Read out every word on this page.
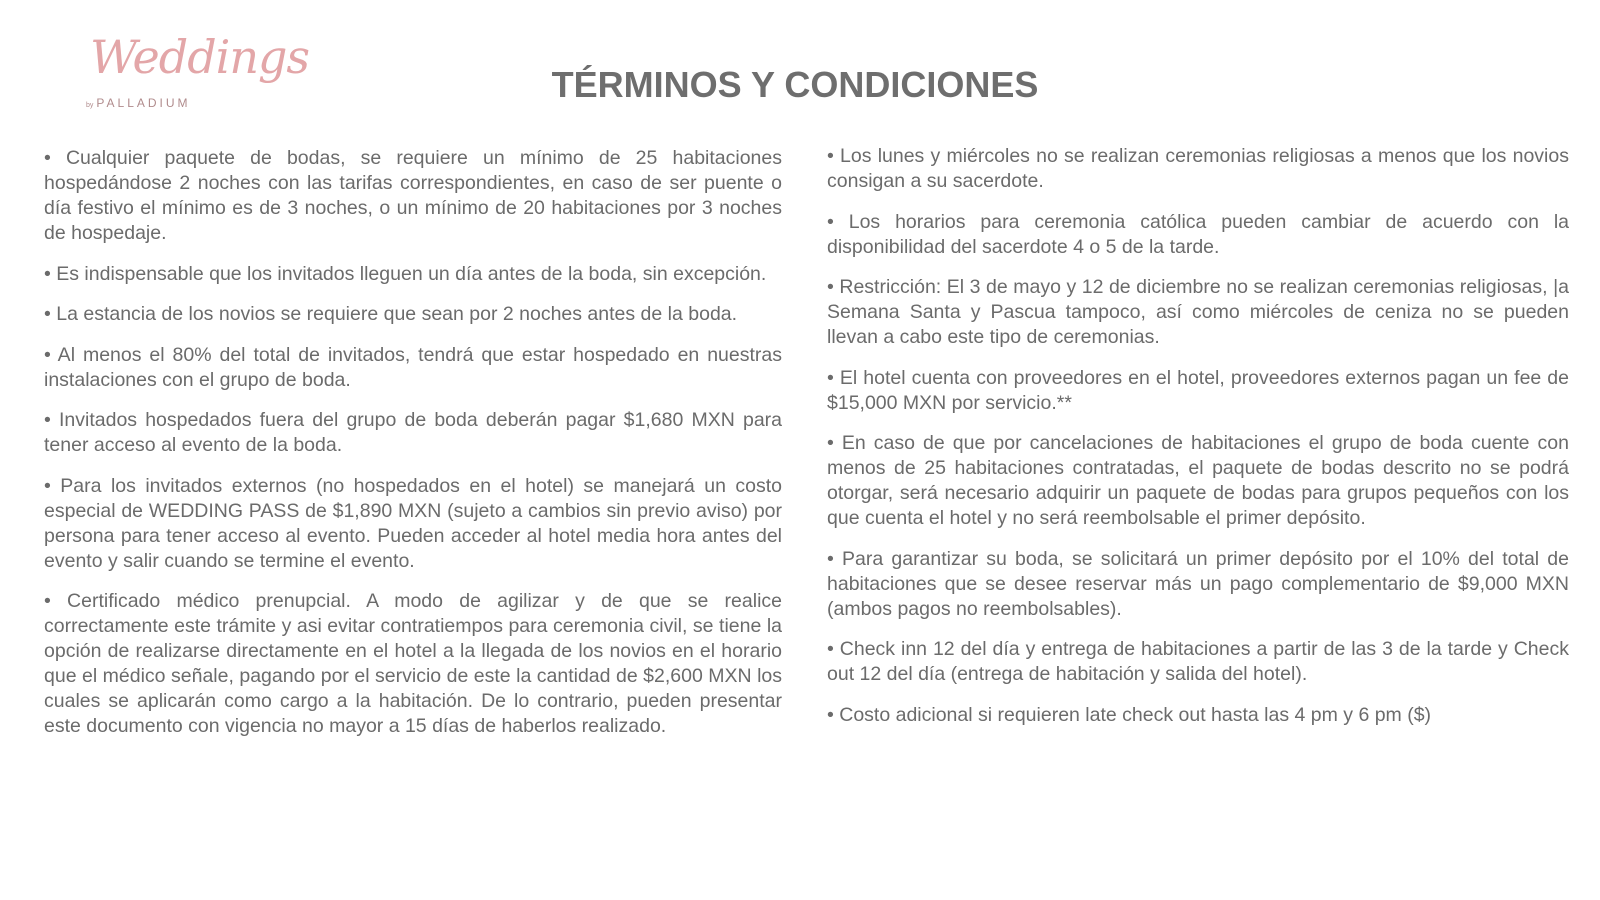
Weddings
by PALLADIUM	TÉRMINOS Y CONDICIONES

• Cualquier paquete de bodas, se requiere un mínimo de 25 habitaciones hospedándose 2 noches con las tarifas correspondientes, en caso de ser puente o día festivo el mínimo es de 3 noches, o un mínimo de 20 habitaciones por 3 noches de hospedaje.

• Es indispensable que los invitados lleguen un día antes de la boda, sin excepción.

• La estancia de los novios se requiere que sean por 2 noches antes de la boda.

• Al menos el 80% del total de invitados, tendrá que estar hospedado en nuestras instalaciones con el grupo de boda.

• Invitados hospedados fuera del grupo de boda deberán pagar $1,680 MXN para tener acceso al evento de la boda.

• Para los invitados externos (no hospedados en el hotel) se manejará un costo especial de WEDDING PASS de $1,890 MXN (sujeto a cambios sin previo aviso) por persona para tener acceso al evento. Pueden acceder al hotel media hora antes del evento y salir cuando se termine el evento.

• Certificado médico prenupcial. A modo de agilizar y de que se realice correctamente este trámite y asi evitar contratiempos para ceremonia civil, se tiene la opción de realizarse directamente en el hotel a la llegada de los novios en el horario que el médico señale, pagando por el servicio de este la cantidad de $2,600 MXN los cuales se aplicarán como cargo a la habitación. De lo contrario, pueden presentar este documento con vigencia no mayor a 15 días de haberlos realizado.

• Los lunes y miércoles no se realizan ceremonias religiosas a menos que los novios consigan a su sacerdote.

• Los horarios para ceremonia católica pueden cambiar de acuerdo con la disponibilidad del sacerdote 4 o 5 de la tarde.

• Restricción: El 3 de mayo y 12 de diciembre no se realizan ceremonias religiosas, |a Semana Santa y Pascua tampoco, así como miércoles de ceniza no se pueden llevan a cabo este tipo de ceremonias.

• El hotel cuenta con proveedores en el hotel, proveedores externos pagan un fee de $15,000 MXN por servicio.**

• En caso de que por cancelaciones de habitaciones el grupo de boda cuente con menos de 25 habitaciones contratadas, el paquete de bodas descrito no se podrá otorgar, será necesario adquirir un paquete de bodas para grupos pequeños con los que cuenta el hotel y no será reembolsable el primer depósito.

• Para garantizar su boda, se solicitará un primer depósito por el 10% del total de habitaciones que se desee reservar más un pago complementario de $9,000 MXN (ambos pagos no reembolsables).

• Check inn 12 del día y entrega de habitaciones a partir de las 3 de la tarde y Check out 12 del día (entrega de habitación y salida del hotel).

• Costo adicional si requieren late check out hasta las 4 pm y 6 pm ($)
